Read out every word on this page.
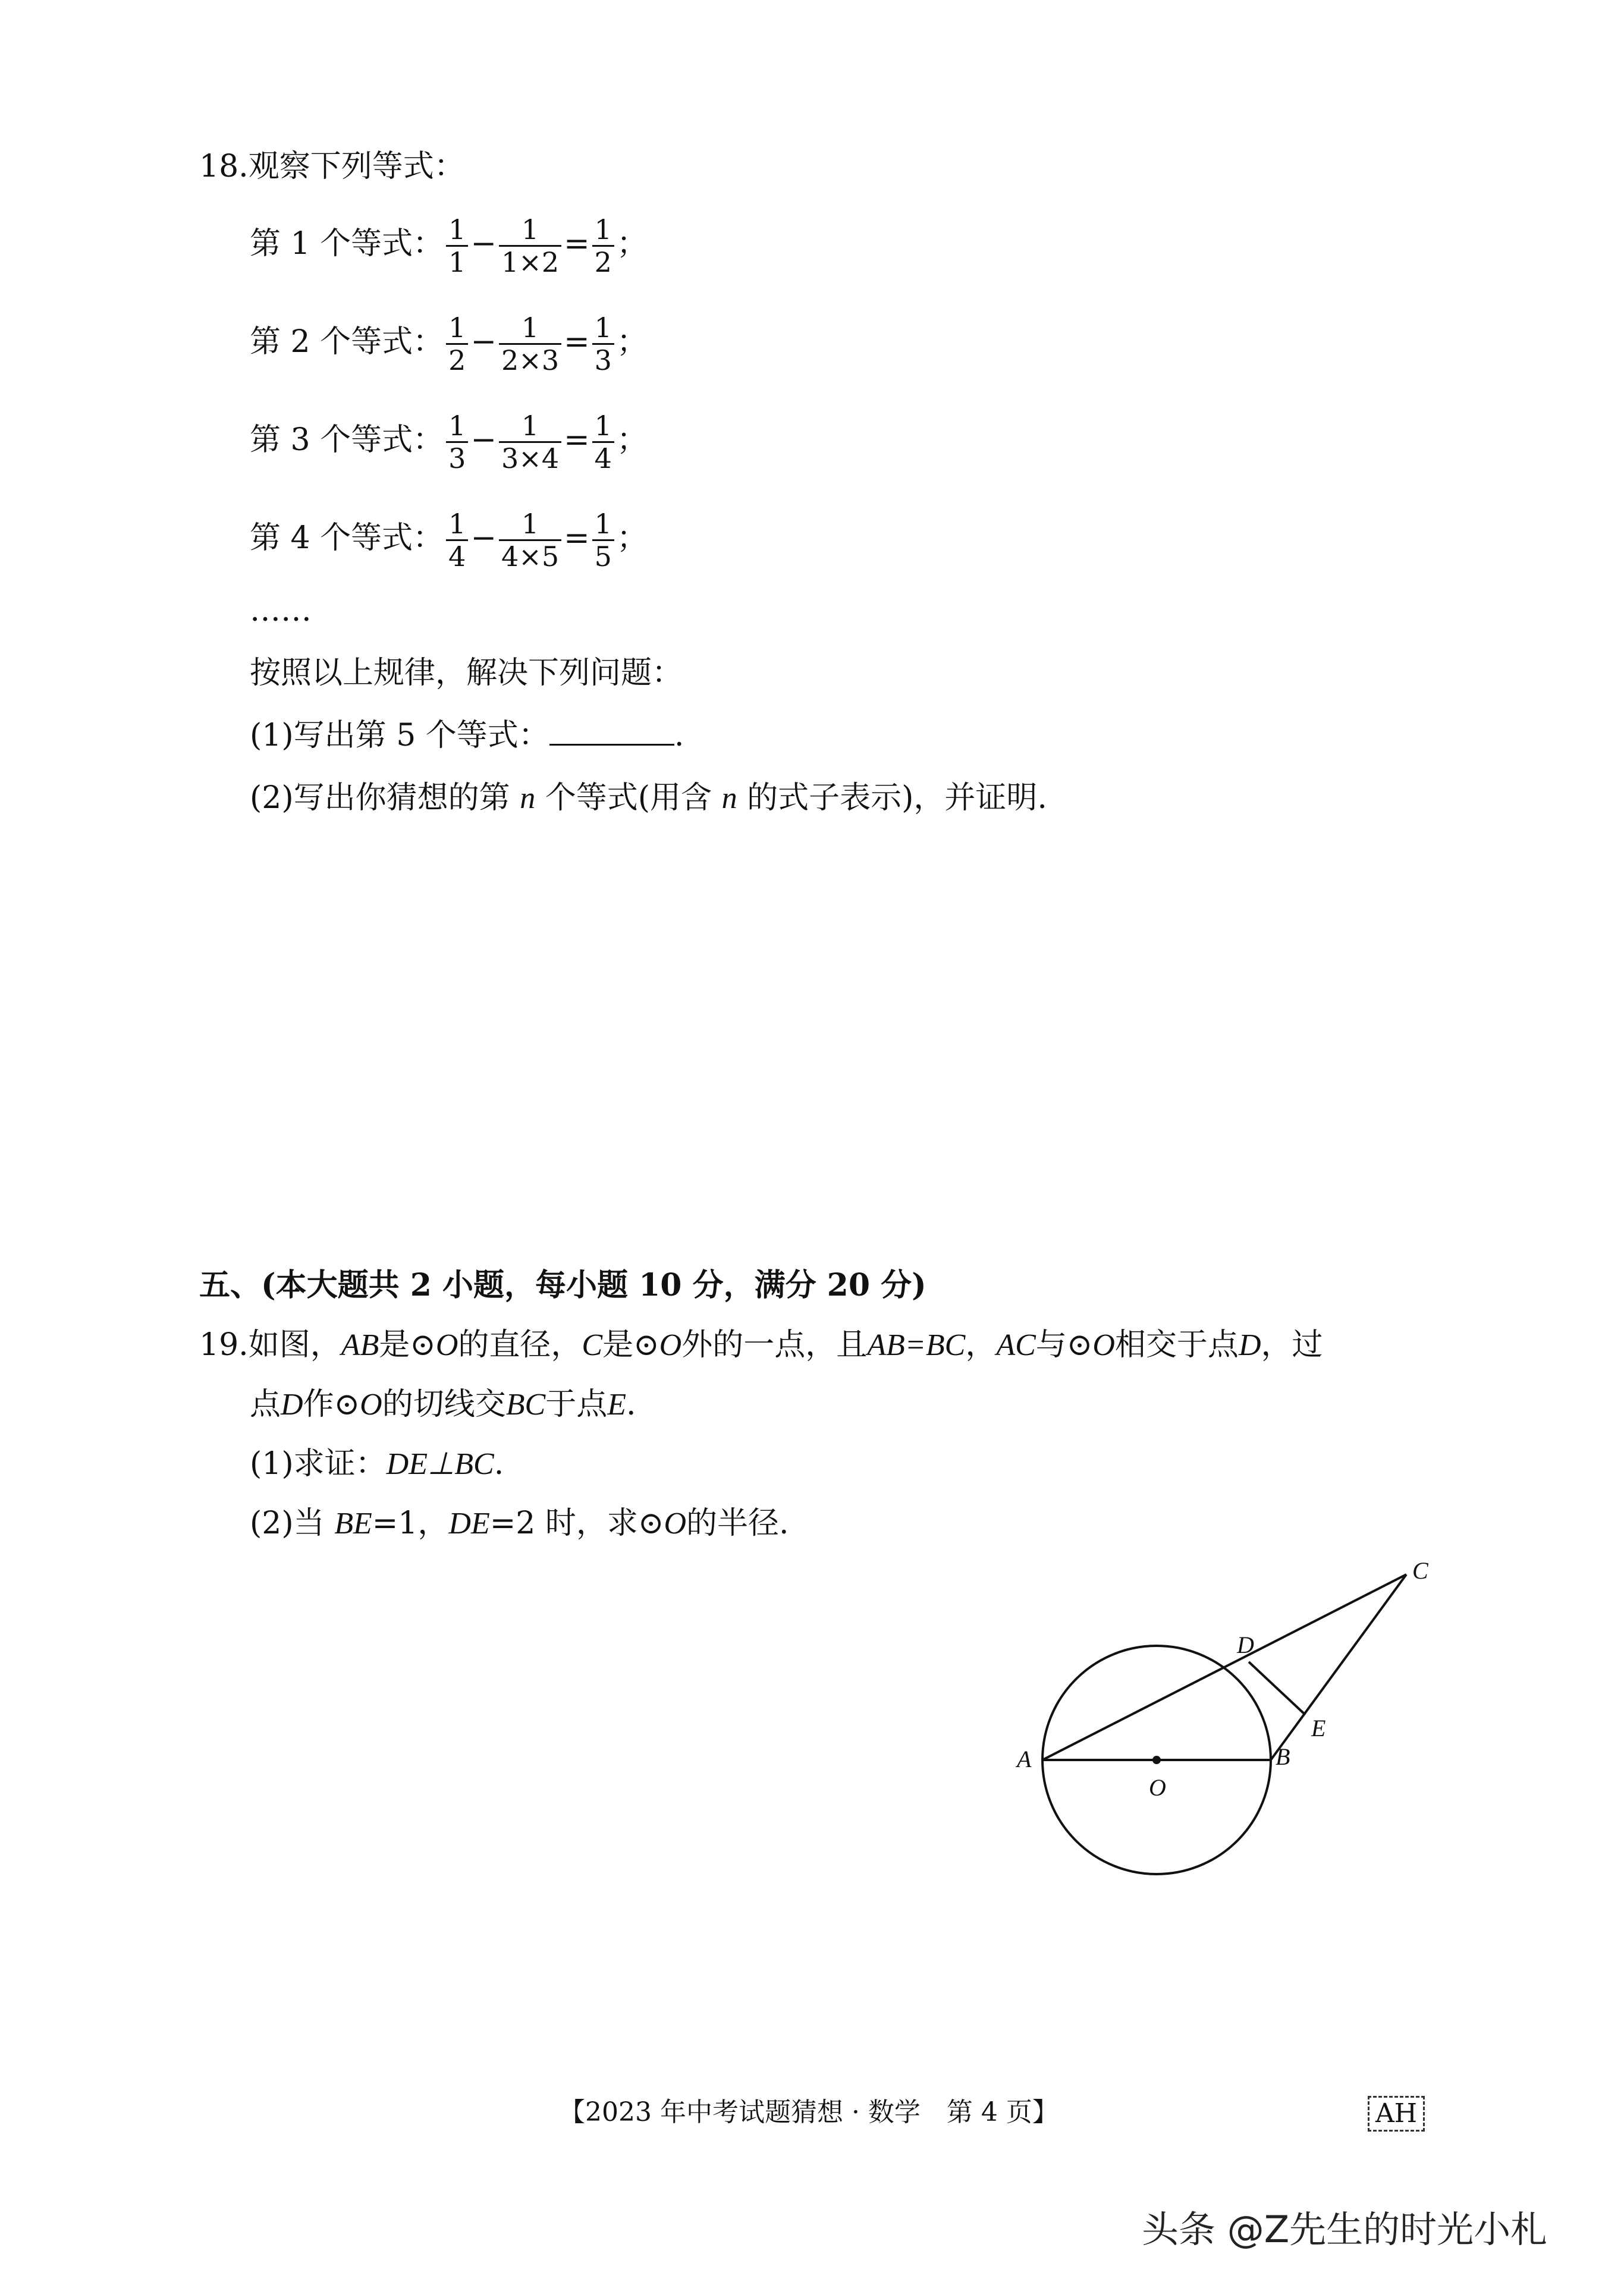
18.观察下列等式：
第 1 个等式： $\frac{1}{1} - \frac{1}{1\times 2} = \frac{1}{2}$ ；
第 2 个等式： $\frac{1}{2} - \frac{1}{2\times 3} = \frac{1}{3}$ ；
第 3 个等式： $\frac{1}{3} - \frac{1}{3\times 4} = \frac{1}{4}$ ；
第 4 个等式： $\frac{1}{4} - \frac{1}{4\times 5} = \frac{1}{5}$ ；
……
按照以上规律，解决下列问题：
(1)写出第 5 个等式：	.
(2)写出你猜想的第 n 个等式(用含 n 的式子表示)，并证明.
五、(本大题共 2 小题，每小题 10 分，满分 20 分)
19.如图，AB是⊙O的直径，C是⊙O外的一点，且AB=BC，AC与⊙O相交于点D，过
点D作⊙O的切线交BC于点E.
(1)求证：DE⊥BC.
(2)当 BE=1，DE=2 时，求⊙O的半径.
A	B
C
D
E
O
【2023 年中考试题猜想 · 数学　第 4 页】	AH
头条 @Z先生的时光小札
